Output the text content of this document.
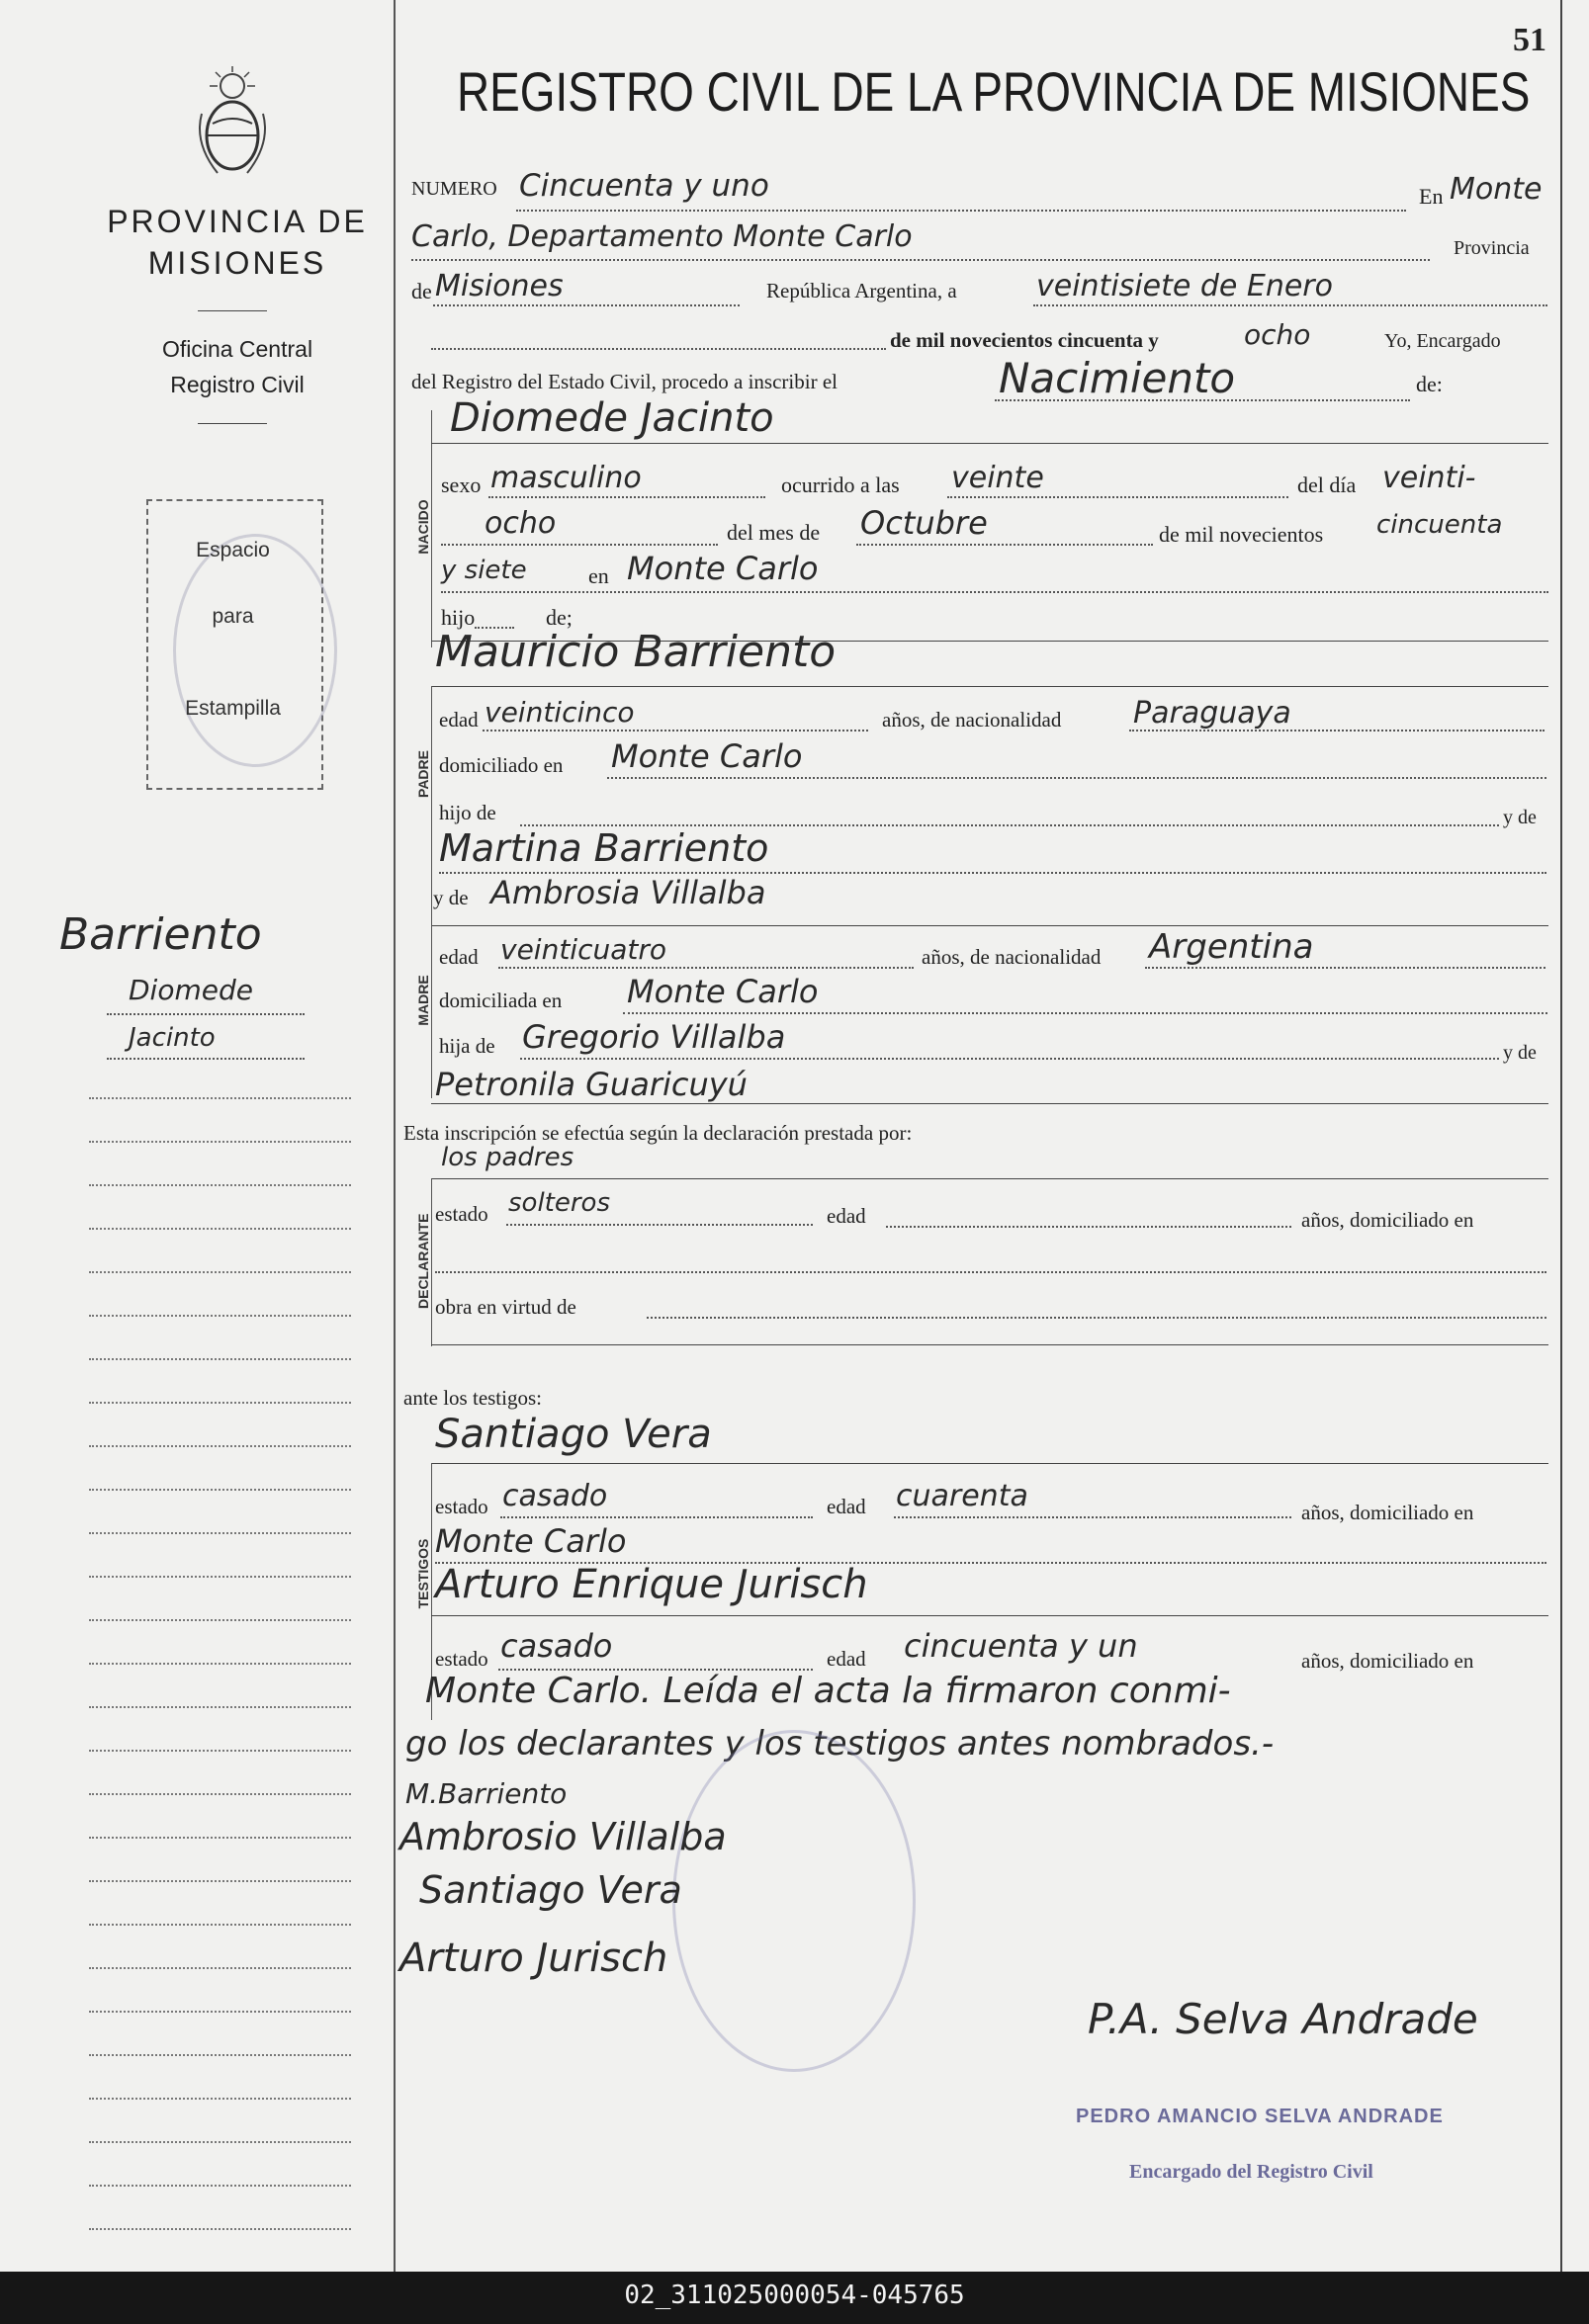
51
PROVINCIA DE
MISIONES
Oficina Central
Registro Civil
Espacio
para
Estampilla
Barriento
Diomede
Jacinto
REGISTRO CIVIL DE LA PROVINCIA DE MISIONES
NUMERO Cincuenta y uno	En Monte
Carlo, Departamento Monte Carlo	Provincia
de Misiones	República Argentina, a	veintisiete de Enero
de mil novecientos cincuenta y	ocho	Yo, Encargado
del Registro del Estado Civil, procedo a inscribir el	Nacimiento	de:
NACIDO
Diomede Jacinto
sexo masculino	ocurrido a las veinte	del día veinti-
ocho	del mes de Octubre	de mil novecientos cincuenta
y siete	en Monte Carlo
hijo	de;
Mauricio Barriento
PADRE
edad veinticinco	años, de nacionalidad Paraguaya
domiciliado en Monte Carlo
hijo de	y de
Martina Barriento
y de Ambrosia Villalba
MADRE
edad veinticuatro	años, de nacionalidad Argentina
domiciliada en Monte Carlo
hija de Gregorio Villalba	y de
Petronila Guaricuyú
Esta inscripción se efectúa según la declaración prestada por:
los padres
DECLARANTE estado solteros	edad	años, domiciliado en
obra en virtud de
ante los testigos:
Santiago Vera
TESTIGOS
estado casado	edad cuarenta	años, domiciliado en
Monte Carlo
Arturo Enrique Jurisch
estado casado	edad cincuenta y un	años, domiciliado en
Monte Carlo. Leída el acta la firmaron conmi-
go los declarantes y los testigos antes nombrados.-
M.Barriento
Ambrosio Villalba
Santiago Vera
Arturo Jurisch
P.A. Selva Andrade
PEDRO AMANCIO SELVA ANDRADE
Encargado del Registro Civil
02_311025000054-045765
